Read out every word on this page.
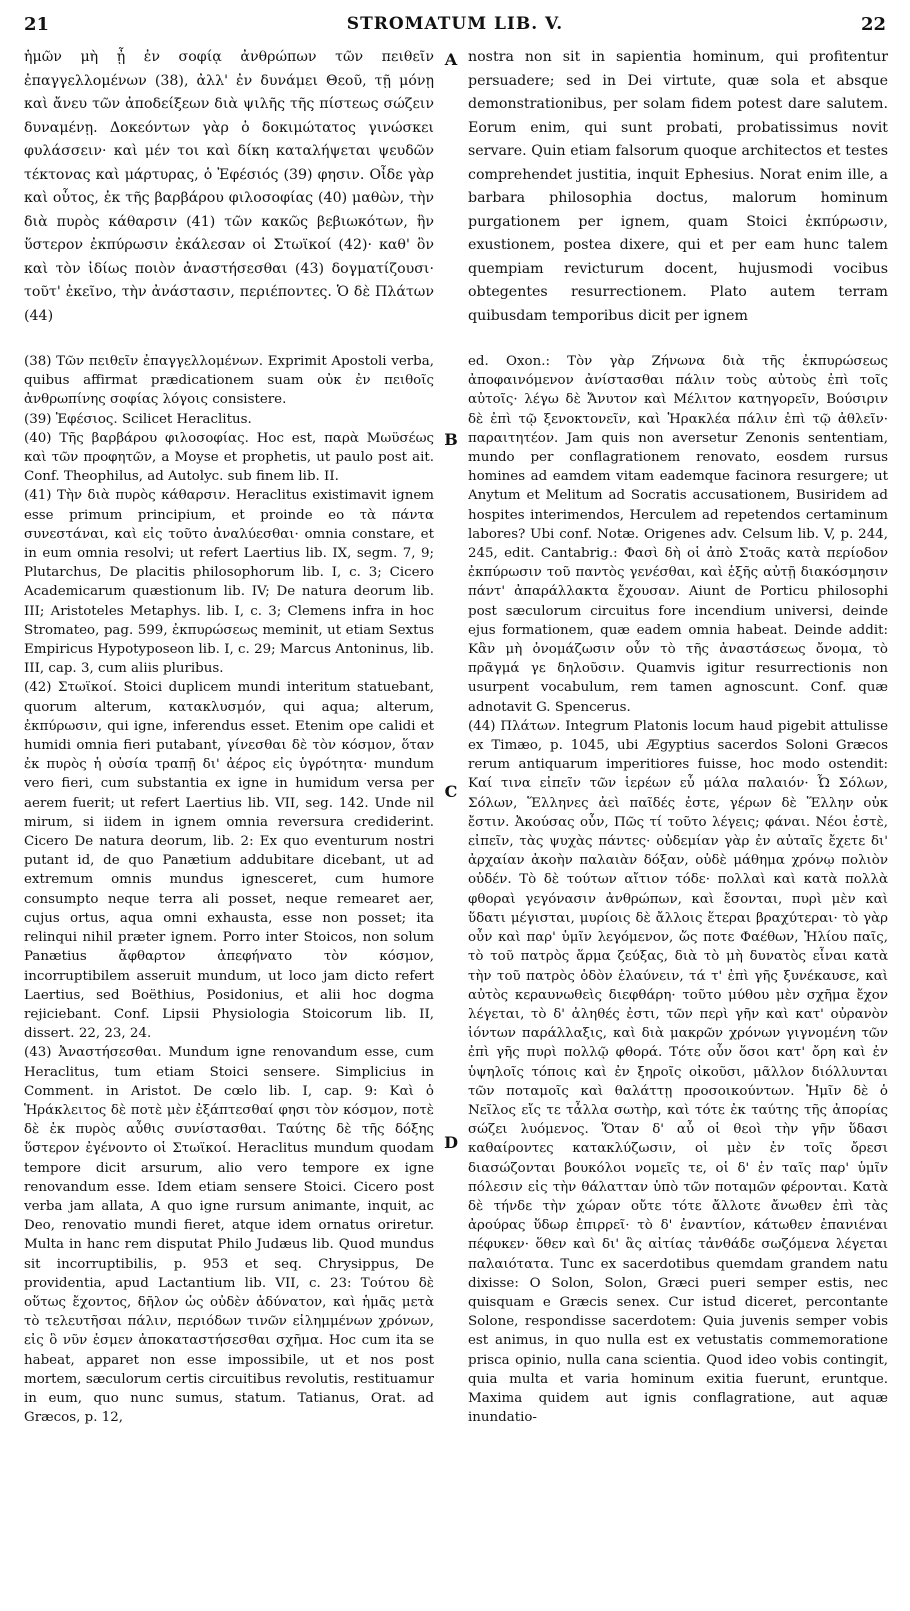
21	STROMATUM LIB. V.	22

ἡμῶν μὴ ᾖ ἐν σοφίᾳ ἀνθρώπων τῶν πειθεῖν ἐπαγγελλομένων (38), ἀλλ' ἐν δυνάμει Θεοῦ, τῇ μόνῃ καὶ ἄνευ τῶν ἀποδείξεων διὰ ψιλῆς τῆς πίστεως σώζειν δυναμένῃ. Δοκεόντων γὰρ ὁ δοκιμώτατος γινώσκει φυλάσσειν· καὶ μέν τοι καὶ δίκη καταλήψεται ψευδῶν τέκτονας καὶ μάρτυρας, ὁ Ἐφέσιός (39) φησιν. Οἶδε γὰρ καὶ οὗτος, ἐκ τῆς βαρβάρου φιλοσοφίας (40) μαθὼν, τὴν διὰ πυρὸς κάθαρσιν (41) τῶν κακῶς βεβιωκότων, ἣν ὕστερον ἐκπύρωσιν ἐκάλεσαν οἱ Στωϊκοί (42)· καθ' ὃν καὶ τὸν ἰδίως ποιὸν ἀναστήσεσθαι (43) δογματίζουσι· τοῦτ' ἐκεῖνο, τὴν ἀνάστασιν, περιέποντες. Ὁ δὲ Πλάτων (44)

nostra non sit in sapientia hominum, qui profitentur persuadere; sed in Dei virtute, quæ sola et absque demonstrationibus, per solam fidem potest dare salutem. Eorum enim, qui sunt probati, probatissimus novit servare. Quin etiam falsorum quoque architectos et testes comprehendet justitia, inquit Ephesius. Norat enim ille, a barbara philosophia doctus, malorum hominum purgationem per ignem, quam Stoici ἐκπύρωσιν, exustionem, postea dixere, qui et per eam hunc talem quempiam revicturum docent, hujusmodi vocibus obtegentes resurrectionem. Plato autem terram quibusdam temporibus dicit per ignem

A
B
C
D

(38) Τῶν πειθεῖν ἐπαγγελλομένων. Exprimit Apostoli verba, quibus affirmat prædicationem suam οὐκ ἐν πειθοῖς ἀνθρωπίνης σοφίας λόγοις consistere.

(39) Ἐφέσιος. Scilicet Heraclitus.

(40) Τῆς βαρβάρου φιλοσοφίας. Hoc est, παρὰ Μωϋσέως καὶ τῶν προφητῶν, a Moyse et prophetis, ut paulo post ait. Conf. Theophilus, ad Autolyc. sub finem lib. II.

(41) Τὴν διὰ πυρὸς κάθαρσιν. Heraclitus existimavit ignem esse primum principium, et proinde eo τὰ πάντα συνεστάναι, καὶ εἰς τοῦτο ἀναλύεσθαι· omnia constare, et in eum omnia resolvi; ut refert Laertius lib. IX, segm. 7, 9; Plutarchus, De placitis philosophorum lib. I, c. 3; Cicero Academicarum quæstionum lib. IV; De natura deorum lib. III; Aristoteles Metaphys. lib. I, c. 3; Clemens infra in hoc Stromateo, pag. 599, ἐκπυρώσεως meminit, ut etiam Sextus Empiricus Hypotyposeon lib. I, c. 29; Marcus Antoninus, lib. III, cap. 3, cum aliis pluribus.

(42) Στωϊκοί. Stoici duplicem mundi interitum statuebant, quorum alterum, κατακλυσμόν, qui aqua; alterum, ἐκπύρωσιν, qui igne, inferendus esset. Etenim ope calidi et humidi omnia fieri putabant, γίνεσθαι δὲ τὸν κόσμον, ὅταν ἐκ πυρὸς ἡ οὐσία τραπῇ δι' ἀέρος εἰς ὑγρότητα· mundum vero fieri, cum substantia ex igne in humidum versa per aerem fuerit; ut refert Laertius lib. VII, seg. 142. Unde nil mirum, si iidem in ignem omnia reversura crediderint. Cicero De natura deorum, lib. 2: Ex quo eventurum nostri putant id, de quo Panætium addubitare dicebant, ut ad extremum omnis mundus ignesceret, cum humore consumpto neque terra ali posset, neque remearet aer, cujus ortus, aqua omni exhausta, esse non posset; ita relinqui nihil præter ignem. Porro inter Stoicos, non solum Panætius ἄφθαρτον ἀπεφήνατο τὸν κόσμον, incorruptibilem asseruit mundum, ut loco jam dicto refert Laertius, sed Boëthius, Posidonius, et alii hoc dogma rejiciebant. Conf. Lipsii Physiologia Stoicorum lib. II, dissert. 22, 23, 24.

(43) Ἀναστήσεσθαι. Mundum igne renovandum esse, cum Heraclitus, tum etiam Stoici sensere. Simplicius in Comment. in Aristot. De cœlo lib. I, cap. 9: Καὶ ὁ Ἡράκλειτος δὲ ποτὲ μὲν ἐξάπτεσθαί φησι τὸν κόσμον, ποτὲ δὲ ἐκ πυρὸς αὖθις συνίστασθαι. Ταύτης δὲ τῆς δόξης ὕστερον ἐγένοντο οἱ Στωϊκοί. Heraclitus mundum quodam tempore dicit arsurum, alio vero tempore ex igne renovandum esse. Idem etiam sensere Stoici. Cicero post verba jam allata, A quo igne rursum animante, inquit, ac Deo, renovatio mundi fieret, atque idem ornatus oriretur. Multa in hanc rem disputat Philo Judæus lib. Quod mundus sit incorruptibilis, p. 953 et seq. Chrysippus, De providentia, apud Lactantium lib. VII, c. 23: Τούτου δὲ οὕτως ἔχοντος, δῆλον ὡς οὐδὲν ἀδύνατον, καὶ ἡμᾶς μετὰ τὸ τελευτῆσαι πάλιν, περιόδων τινῶν εἰλημμένων χρόνων, εἰς ὃ νῦν ἐσμεν ἀποκαταστήσεσθαι σχῆμα. Hoc cum ita se habeat, apparet non esse impossibile, ut et nos post mortem, sæculorum certis circuitibus revolutis, restituamur in eum, quo nunc sumus, statum. Tatianus, Orat. ad Græcos, p. 12,

ed. Oxon.: Τὸν γὰρ Ζήνωνα διὰ τῆς ἐκπυρώσεως ἀποφαινόμενον ἀνίστασθαι πάλιν τοὺς αὐτοὺς ἐπὶ τοῖς αὐτοῖς· λέγω δὲ Ἄνυτον καὶ Μέλιτον κατηγορεῖν, Βούσιριν δὲ ἐπὶ τῷ ξενοκτονεῖν, καὶ Ἡρακλέα πάλιν ἐπὶ τῷ ἀθλεῖν· παραιτητέον. Jam quis non aversetur Zenonis sententiam, mundo per conflagrationem renovato, eosdem rursus homines ad eamdem vitam eademque facinora resurgere; ut Anytum et Melitum ad Socratis accusationem, Busiridem ad hospites interimendos, Herculem ad repetendos certaminum labores? Ubi conf. Notæ. Origenes adv. Celsum lib. V, p. 244, 245, edit. Cantabrig.: Φασὶ δὴ οἱ ἀπὸ Στοᾶς κατὰ περίοδον ἐκπύρωσιν τοῦ παντὸς γενέσθαι, καὶ ἑξῆς αὐτῇ διακόσμησιν πάντ' ἀπαράλλακτα ἔχουσαν. Aiunt de Porticu philosophi post sæculorum circuitus fore incendium universi, deinde ejus formationem, quæ eadem omnia habeat. Deinde addit: Κἂν μὴ ὀνομάζωσιν οὖν τὸ τῆς ἀναστάσεως ὄνομα, τὸ πρᾶγμά γε δηλοῦσιν. Quamvis igitur resurrectionis non usurpent vocabulum, rem tamen agnoscunt. Conf. quæ adnotavit G. Spencerus.

(44) Πλάτων. Integrum Platonis locum haud pigebit attulisse ex Timæo, p. 1045, ubi Ægyptius sacerdos Soloni Græcos rerum antiquarum imperitiores fuisse, hoc modo ostendit: Καί τινα εἰπεῖν τῶν ἱερέων εὖ μάλα παλαιόν· Ὦ Σόλων, Σόλων, Ἕλληνες ἀεὶ παῖδές ἐστε, γέρων δὲ Ἕλλην οὐκ ἔστιν. Ἀκούσας οὖν, Πῶς τί τοῦτο λέγεις; φάναι. Νέοι ἐστὲ, εἰπεῖν, τὰς ψυχὰς πάντες· οὐδεμίαν γὰρ ἐν αὐταῖς ἔχετε δι' ἀρχαίαν ἀκοὴν παλαιὰν δόξαν, οὐδὲ μάθημα χρόνῳ πολιὸν οὐδέν. Τὸ δὲ τούτων αἴτιον τόδε· πολλαὶ καὶ κατὰ πολλὰ φθοραὶ γεγόνασιν ἀνθρώπων, καὶ ἔσονται, πυρὶ μὲν καὶ ὕδατι μέγισται, μυρίοις δὲ ἄλλοις ἕτεραι βραχύτεραι· τὸ γὰρ οὖν καὶ παρ' ὑμῖν λεγόμενον, ὥς ποτε Φαέθων, Ἡλίου παῖς, τὸ τοῦ πατρὸς ἅρμα ζεύξας, διὰ τὸ μὴ δυνατὸς εἶναι κατὰ τὴν τοῦ πατρὸς ὁδὸν ἐλαύνειν, τά τ' ἐπὶ γῆς ξυνέκαυσε, καὶ αὐτὸς κεραυνωθεὶς διεφθάρη· τοῦτο μύθου μὲν σχῆμα ἔχον λέγεται, τὸ δ' ἀληθές ἐστι, τῶν περὶ γῆν καὶ κατ' οὐρανὸν ἰόντων παράλλαξις, καὶ διὰ μακρῶν χρόνων γιγνομένη τῶν ἐπὶ γῆς πυρὶ πολλῷ φθορά. Τότε οὖν ὅσοι κατ' ὄρη καὶ ἐν ὑψηλοῖς τόποις καὶ ἐν ξηροῖς οἰκοῦσι, μᾶλλον διόλλυνται τῶν ποταμοῖς καὶ θαλάττῃ προσοικούντων. Ἡμῖν δὲ ὁ Νεῖλος εἴς τε τἆλλα σωτὴρ, καὶ τότε ἐκ ταύτης τῆς ἀπορίας σώζει λυόμενος. Ὅταν δ' αὖ οἱ θεοὶ τὴν γῆν ὕδασι καθαίροντες κατακλύζωσιν, οἱ μὲν ἐν τοῖς ὄρεσι διασώζονται βουκόλοι νομεῖς τε, οἱ δ' ἐν ταῖς παρ' ὑμῖν πόλεσιν εἰς τὴν θάλατταν ὑπὸ τῶν ποταμῶν φέρονται. Κατὰ δὲ τήνδε τὴν χώραν οὔτε τότε ἄλλοτε ἄνωθεν ἐπὶ τὰς ἀρούρας ὕδωρ ἐπιρρεῖ· τὸ δ' ἐναντίον, κάτωθεν ἐπανιέναι πέφυκεν· ὅθεν καὶ δι' ἃς αἰτίας τἀνθάδε σωζόμενα λέγεται παλαιότατα. Tunc ex sacerdotibus quemdam grandem natu dixisse: O Solon, Solon, Græci pueri semper estis, nec quisquam e Græcis senex. Cur istud diceret, percontante Solone, respondisse sacerdotem: Quia juvenis semper vobis est animus, in quo nulla est ex vetustatis commemoratione prisca opinio, nulla cana scientia. Quod ideo vobis contingit, quia multa et varia hominum exitia fuerunt, eruntque. Maxima quidem aut ignis conflagratione, aut aquæ inundatio-
